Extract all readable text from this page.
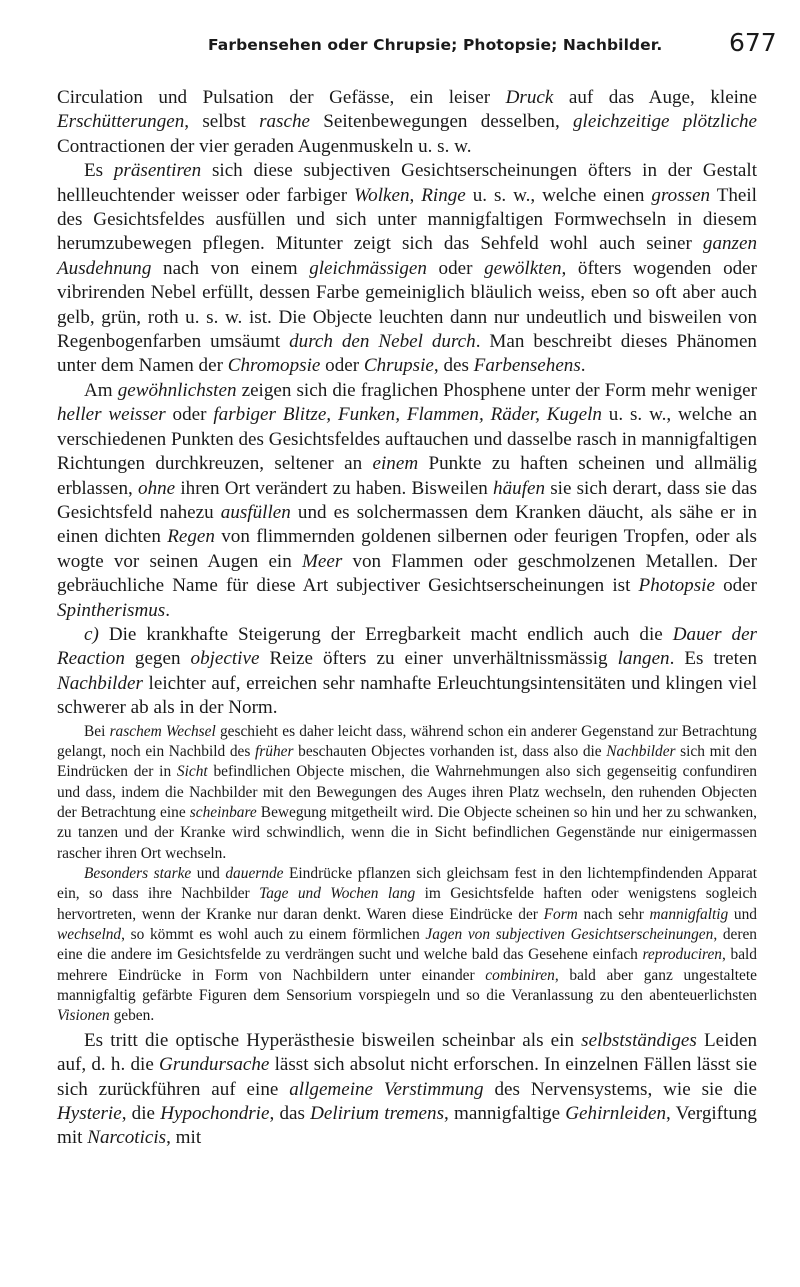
Farbensehen oder Chrupsie; Photopsie; Nachbilder.	677

Circulation und Pulsation der Gefässe, ein leiser Druck auf das Auge, kleine Erschütterungen, selbst rasche Seitenbewegungen desselben, gleichzeitige plötzliche Contractionen der vier geraden Augenmuskeln u. s. w.

Es präsentiren sich diese subjectiven Gesichtserscheinungen öfters in der Gestalt hellleuchtender weisser oder farbiger Wolken, Ringe u. s. w., welche einen grossen Theil des Gesichtsfeldes ausfüllen und sich unter mannigfaltigen Formwechseln in diesem herumzubewegen pflegen. Mitunter zeigt sich das Sehfeld wohl auch seiner ganzen Ausdehnung nach von einem gleichmässigen oder gewölkten, öfters wogenden oder vibrirenden Nebel erfüllt, dessen Farbe gemeiniglich bläulich weiss, eben so oft aber auch gelb, grün, roth u. s. w. ist. Die Objecte leuchten dann nur undeutlich und bisweilen von Regenbogenfarben umsäumt durch den Nebel durch. Man beschreibt dieses Phänomen unter dem Namen der Chromopsie oder Chrupsie, des Farbensehens.

Am gewöhnlichsten zeigen sich die fraglichen Phosphene unter der Form mehr weniger heller weisser oder farbiger Blitze, Funken, Flammen, Räder, Kugeln u. s. w., welche an verschiedenen Punkten des Gesichtsfeldes auftauchen und dasselbe rasch in mannigfaltigen Richtungen durchkreuzen, seltener an einem Punkte zu haften scheinen und allmälig erblassen, ohne ihren Ort verändert zu haben. Bisweilen häufen sie sich derart, dass sie das Gesichtsfeld nahezu ausfüllen und es solchermassen dem Kranken däucht, als sähe er in einen dichten Regen von flimmernden goldenen silbernen oder feurigen Tropfen, oder als wogte vor seinen Augen ein Meer von Flammen oder geschmolzenen Metallen. Der gebräuchliche Name für diese Art subjectiver Gesichtserscheinungen ist Photopsie oder Spintherismus.

c) Die krankhafte Steigerung der Erregbarkeit macht endlich auch die Dauer der Reaction gegen objective Reize öfters zu einer unverhältnissmässig langen. Es treten Nachbilder leichter auf, erreichen sehr namhafte Erleuchtungsintensitäten und klingen viel schwerer ab als in der Norm.

Bei raschem Wechsel geschieht es daher leicht dass, während schon ein anderer Gegenstand zur Betrachtung gelangt, noch ein Nachbild des früher beschauten Objectes vorhanden ist, dass also die Nachbilder sich mit den Eindrücken der in Sicht befindlichen Objecte mischen, die Wahrnehmungen also sich gegenseitig confundiren und dass, indem die Nachbilder mit den Bewegungen des Auges ihren Platz wechseln, den ruhenden Objecten der Betrachtung eine scheinbare Bewegung mitgetheilt wird. Die Objecte scheinen so hin und her zu schwanken, zu tanzen und der Kranke wird schwindlich, wenn die in Sicht befindlichen Gegenstände nur einigermassen rascher ihren Ort wechseln.

Besonders starke und dauernde Eindrücke pflanzen sich gleichsam fest in den lichtempfindenden Apparat ein, so dass ihre Nachbilder Tage und Wochen lang im Gesichtsfelde haften oder wenigstens sogleich hervortreten, wenn der Kranke nur daran denkt. Waren diese Eindrücke der Form nach sehr mannigfaltig und wechselnd, so kömmt es wohl auch zu einem förmlichen Jagen von subjectiven Gesichtserscheinungen, deren eine die andere im Gesichtsfelde zu verdrängen sucht und welche bald das Gesehene einfach reproduciren, bald mehrere Eindrücke in Form von Nachbildern unter einander combiniren, bald aber ganz ungestaltete mannigfaltig gefärbte Figuren dem Sensorium vorspiegeln und so die Veranlassung zu den abenteuerlichsten Visionen geben.

Es tritt die optische Hyperästhesie bisweilen scheinbar als ein selbstständiges Leiden auf, d. h. die Grundursache lässt sich absolut nicht erforschen. In einzelnen Fällen lässt sie sich zurückführen auf eine allgemeine Verstimmung des Nervensystems, wie sie die Hysterie, die Hypochondrie, das Delirium tremens, mannigfaltige Gehirnleiden, Vergiftung mit Narcoticis, mit
